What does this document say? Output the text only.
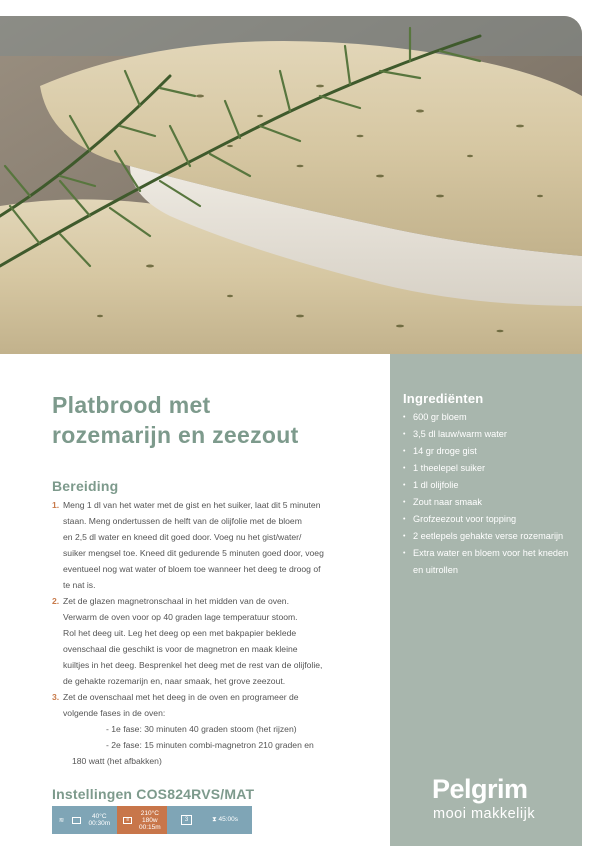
Platbrood met
rozemarijn en zeezout
Bereiding
1. Meng 1 dl van het water met de gist en het suiker, laat dit 5 minuten

staan. Meng ondertussen de helft van de olijfolie met de bloem

en 2,5 dl water en kneed dit goed door. Voeg nu het gist/water/

suiker mengsel toe. Kneed dit gedurende 5 minuten goed door, voeg

eventueel nog wat water of bloem toe wanneer het deeg te droog of

te nat is.

2. Zet de glazen magnetronschaal in het midden van de oven.

Verwarm de oven voor op 40 graden lage temperatuur stoom.

Rol het deeg uit. Leg het deeg op een met bakpapier beklede

ovenschaal die geschikt is voor de magnetron en maak kleine

kuiltjes in het deeg. Besprenkel het deeg met de rest van de olijfolie,

de gehakte rozemarijn en, naar smaak, het grove zeezout.

3. Zet de ovenschaal met het deeg in de oven en programeer de

volgende fases in de oven:

- 1e fase: 30 minuten 40 graden stoom (het rijzen)

- 2e fase: 15 minuten combi-magnetron 210 graden en

180 watt (het afbakken)

Instellingen COS824RVS/MAT
≋
40°C
00:30m
≡
210°C
180w
00:15m
3	⧗ 45:00s
Ingrediënten
• 600 gr bloem
• 3,5 dl lauw/warm water
• 14 gr droge gist
• 1 theelepel suiker
• 1 dl olijfolie
• Zout naar smaak
• Grofzeezout voor topping
• 2 eetlepels gehakte verse rozemarijn
• Extra water en bloem voor het kneden en uitrollen
Pelgrim
mooi makkelijk
